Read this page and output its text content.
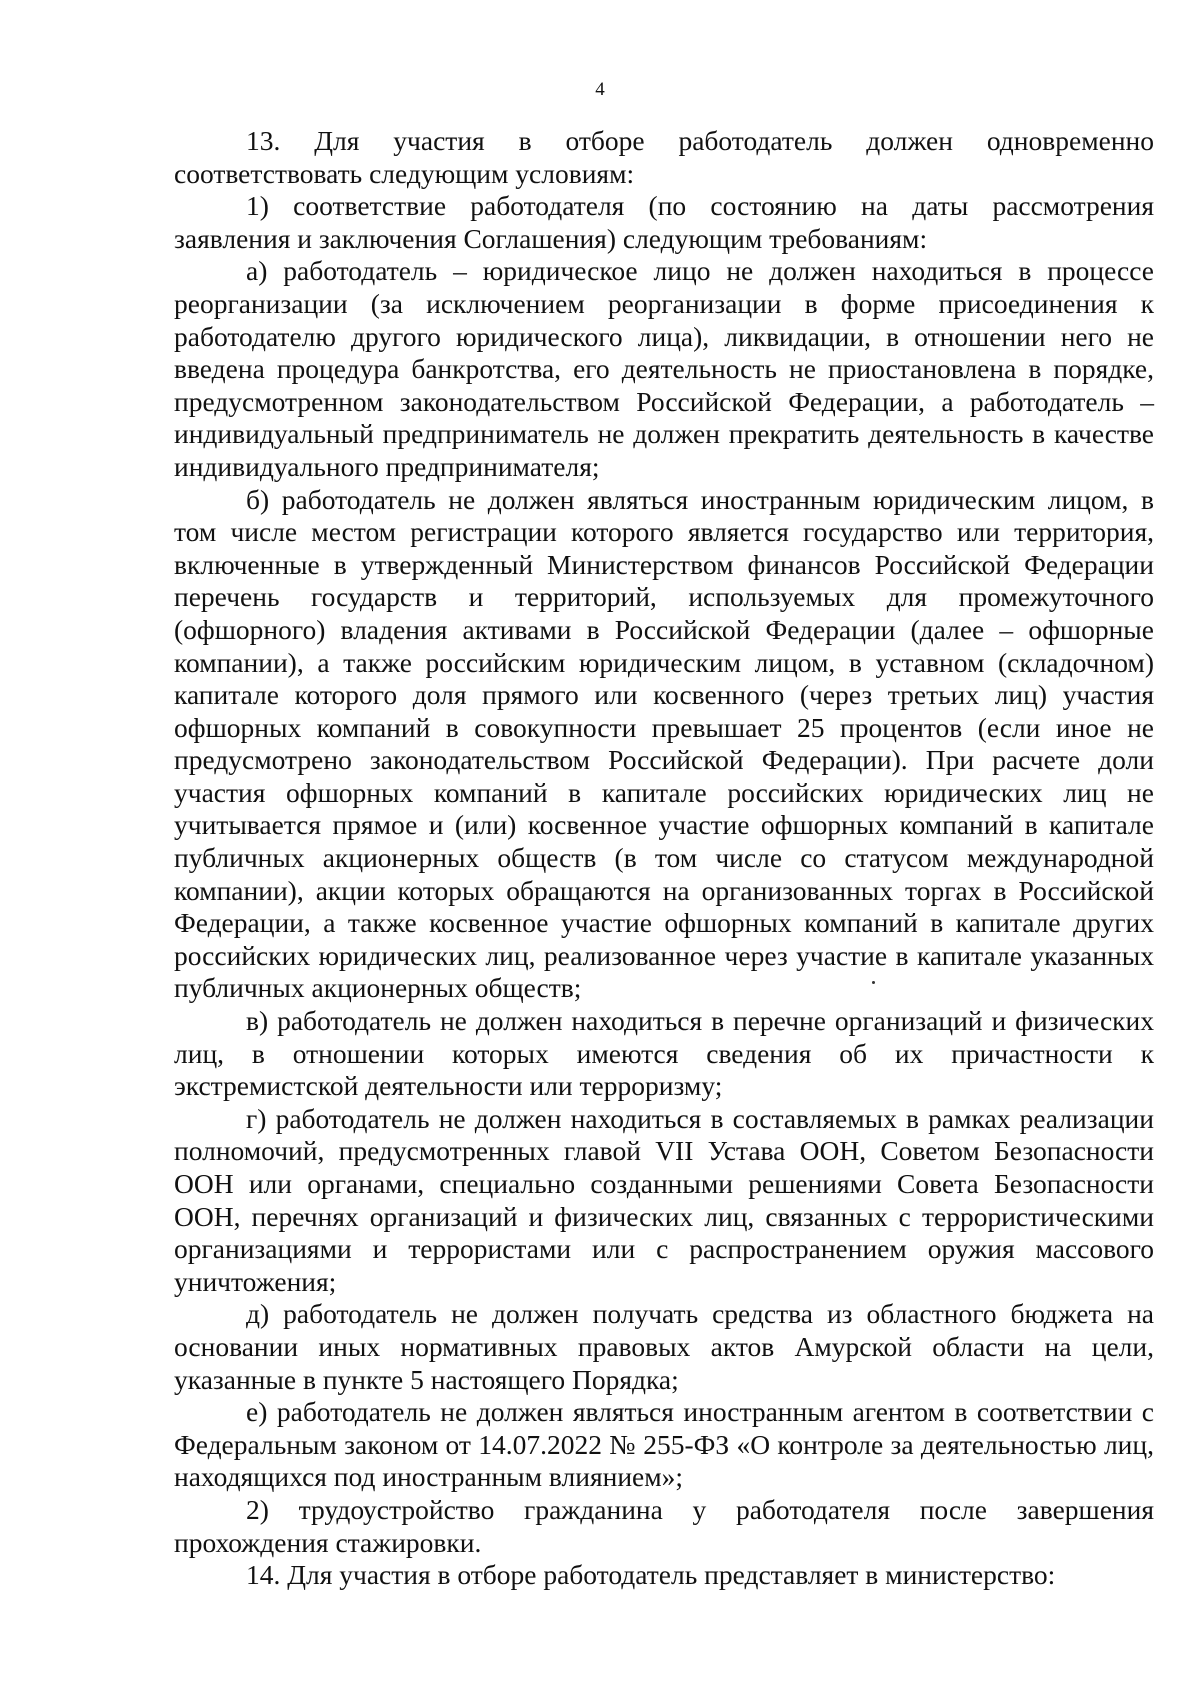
4

13. Для участия в отборе работодатель должен одновременно соответствовать следующим условиям:

1) соответствие работодателя (по состоянию на даты рассмотрения заявления и заключения Соглашения) следующим требованиям:

а) работодатель – юридическое лицо не должен находиться в процессе реорганизации (за исключением реорганизации в форме присоединения к работодателю другого юридического лица), ликвидации, в отношении него не введена процедура банкротства, его деятельность не приостановлена в порядке, предусмотренном законодательством Российской Федерации, а работодатель – индивидуальный предприниматель не должен прекратить деятельность в качестве индивидуального предпринимателя;

б) работодатель не должен являться иностранным юридическим лицом, в том числе местом регистрации которого является государство или территория, включенные в утвержденный Министерством финансов Российской Федерации перечень государств и территорий, используемых для промежуточного (офшорного) владения активами в Российской Федерации (далее – офшорные компании), а также российским юридическим лицом, в уставном (складочном) капитале которого доля прямого или косвенного (через третьих лиц) участия офшорных компаний в совокупности превышает 25 процентов (если иное не предусмотрено законодательством Российской Федерации). При расчете доли участия офшорных компаний в капитале российских юридических лиц не учитывается прямое и (или) косвенное участие офшорных компаний в капитале публичных акционерных обществ (в том числе со статусом международной компании), акции которых обращаются на организованных торгах в Российской Федерации, а также косвенное участие офшорных компаний в капитале других российских юридических лиц, реализованное через участие в капитале указанных публичных акционерных обществ;

в) работодатель не должен находиться в перечне организаций и физических лиц, в отношении которых имеются сведения об их причастности к экстремистской деятельности или терроризму;

г) работодатель не должен находиться в составляемых в рамках реализации полномочий, предусмотренных главой VII Устава ООН, Советом Безопасности ООН или органами, специально созданными решениями Совета Безопасности ООН, перечнях организаций и физических лиц, связанных с террористическими организациями и террористами или с распространением оружия массового уничтожения;

д) работодатель не должен получать средства из областного бюджета на основании иных нормативных правовых актов Амурской области на цели, указанные в пункте 5 настоящего Порядка;

е) работодатель не должен являться иностранным агентом в соответствии с Федеральным законом от 14.07.2022 № 255-ФЗ «О контроле за деятельностью лиц, находящихся под иностранным влиянием»;

2) трудоустройство гражданина у работодателя после завершения прохождения стажировки.

14. Для участия в отборе работодатель представляет в министерство:
